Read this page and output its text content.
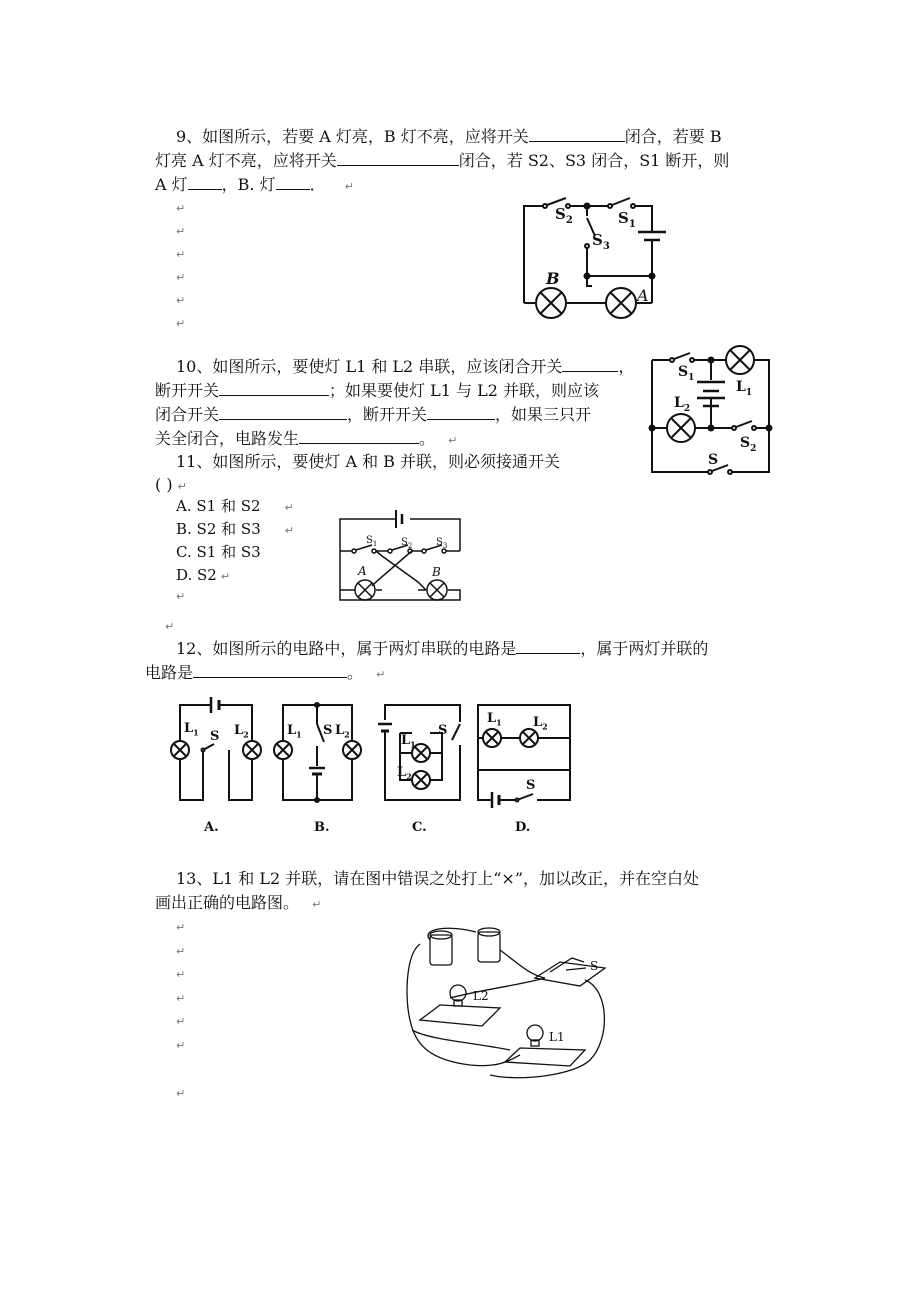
9、如图所示，若要 A 灯亮，B 灯不亮，应将开关	闭合，若要 B
灯亮 A 灯不亮，应将开关	闭合，若 S2、S3 闭合，S1 断开，则
A 灯 ，B. 灯 ． ↵
↵
↵
↵
↵
↵
↵
10、如图所示，要使灯 L1 和 L2 串联，应该闭合开关	，
断开开关	；如果要使灯 L1 与 L2 并联，则应该
闭合开关	，断开开关	，如果三只开
关全闭合，电路发生	。 ↵
11、如图所示，要使灯 A 和 B 并联，则必须接通开关
( ) ↵
A. S1 和 S2 ↵
B. S2 和 S3 ↵
C. S1 和 S3
D. S2 ↵
↵
↵
12、如图所示的电路中，属于两灯串联的电路是	，属于两灯并联的
电路是	。 ↵
13、L1 和 L2 并联，请在图中错误之处打上“×”，加以改正，并在空白处
画出正确的电路图。 ↵
↵
↵
↵
↵
↵
↵
↵
$S_2$	$S_1$
$S_3$
B
A
$S_1$
$L_1$
$L_2$
$S_2$
S
$S_1$ $S_2$ $S_3$
A	B
$L_1$ S $L_2$	$L_1$ S $L_2$	S
$L_1$
$L_2$
$L_1$ $L_2$
S
A.	B.	C.	D.
S
L2
L1
